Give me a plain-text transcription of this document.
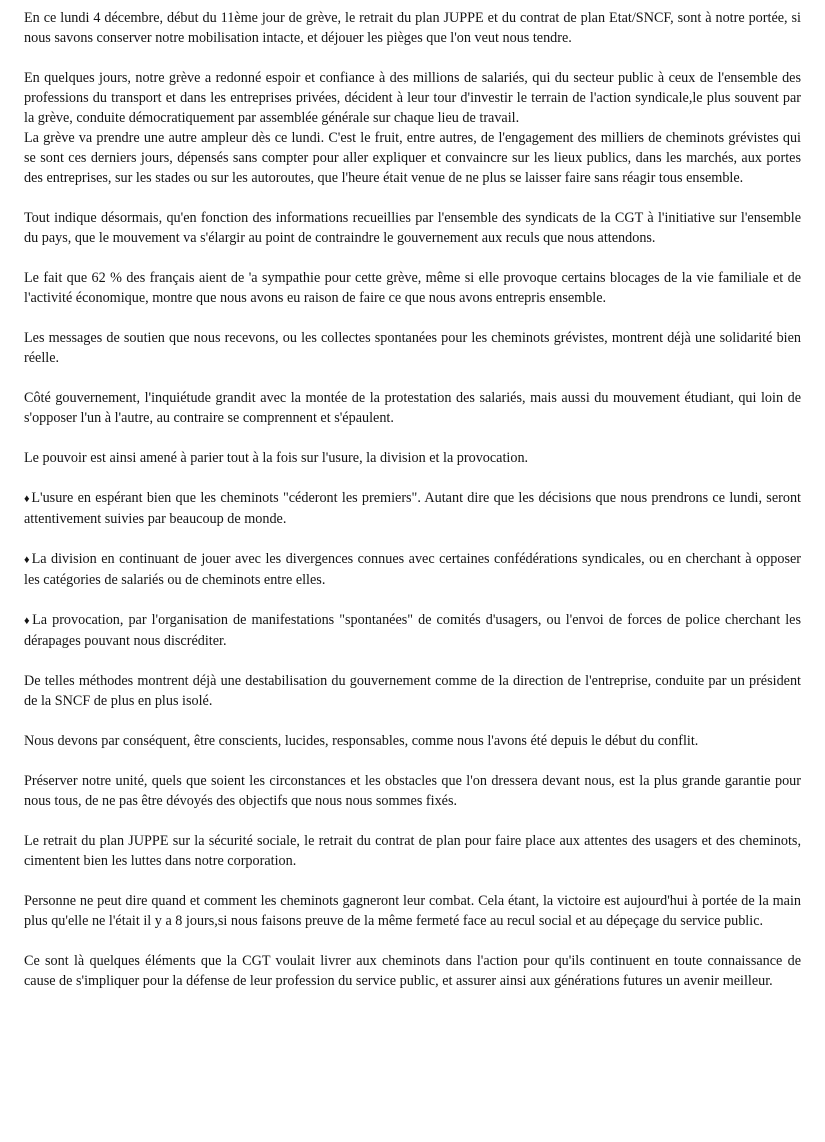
En ce lundi 4 décembre, début du 11ème jour de grève, le retrait du plan JUPPE et du contrat de plan Etat/SNCF, sont à notre portée, si nous savons conserver notre mobilisation intacte, et déjouer les pièges que l'on veut nous tendre.

En quelques jours, notre grève a redonné espoir et confiance à des millions de salariés, qui du secteur public à ceux de l'ensemble des professions du transport et dans les entreprises privées, décident à leur tour d'investir le terrain de l'action syndicale,le plus souvent par la grève, conduite démocratiquement par assemblée générale sur chaque lieu de travail.

La grève va prendre une autre ampleur dès ce lundi. C'est le fruit, entre autres, de l'engagement des milliers de cheminots grévistes qui se sont ces derniers jours, dépensés sans compter pour aller expliquer et convaincre sur les lieux publics, dans les marchés, aux portes des entreprises, sur les stades ou sur les autoroutes, que l'heure était venue de ne plus se laisser faire sans réagir tous ensemble.

Tout indique désormais, qu'en fonction des informations recueillies par l'ensemble des syndicats de la CGT à l'initiative sur l'ensemble du pays, que le mouvement va s'élargir au point de contraindre le gouvernement aux reculs que nous attendons.

Le fait que 62 % des français aient de 'a sympathie pour cette grève, même si elle provoque certains blocages de la vie familiale et de l'activité économique, montre que nous avons eu raison de faire ce que nous avons entrepris ensemble.

Les messages de soutien que nous recevons, ou les collectes spontanées pour les cheminots grévistes, montrent déjà une solidarité bien réelle.

Côté gouvernement, l'inquiétude grandit avec la montée de la protestation des salariés, mais aussi du mouvement étudiant, qui loin de s'opposer l'un à l'autre, au contraire se comprennent et s'épaulent.

Le pouvoir est ainsi amené à parier tout à la fois sur l'usure, la division et la provocation.

♦L'usure en espérant bien que les cheminots "céderont les premiers". Autant dire que les décisions que nous prendrons ce lundi, seront attentivement suivies par beaucoup de monde.

♦La division en continuant de jouer avec les divergences connues avec certaines confédérations syndicales, ou en cherchant à opposer les catégories de salariés ou de cheminots entre elles.

♦La provocation, par l'organisation de manifestations "spontanées" de comités d'usagers, ou l'envoi de forces de police cherchant les dérapages pouvant nous discréditer.

De telles méthodes montrent déjà une destabilisation du gouvernement comme de la direction de l'entreprise, conduite par un président de la SNCF de plus en plus isolé.

Nous devons par conséquent, être conscients, lucides, responsables, comme nous l'avons été depuis le début du conflit.

Préserver notre unité, quels que soient les circonstances et les obstacles que l'on dressera devant nous, est la plus grande garantie pour nous tous, de ne pas être dévoyés des objectifs que nous nous sommes fixés.

Le retrait du plan JUPPE sur la sécurité sociale, le retrait du contrat de plan pour faire place aux attentes des usagers et des cheminots, cimentent bien les luttes dans notre corporation.

Personne ne peut dire quand et comment les cheminots gagneront leur combat. Cela étant, la victoire est aujourd'hui à portée de la main plus qu'elle ne l'était il y a 8 jours,si nous faisons preuve de la même fermeté face au recul social et au dépeçage du service public.

Ce sont là quelques éléments que la CGT voulait livrer aux cheminots dans l'action pour qu'ils continuent en toute connaissance de cause de s'impliquer pour la défense de leur profession du service public, et assurer ainsi aux générations futures un avenir meilleur.
